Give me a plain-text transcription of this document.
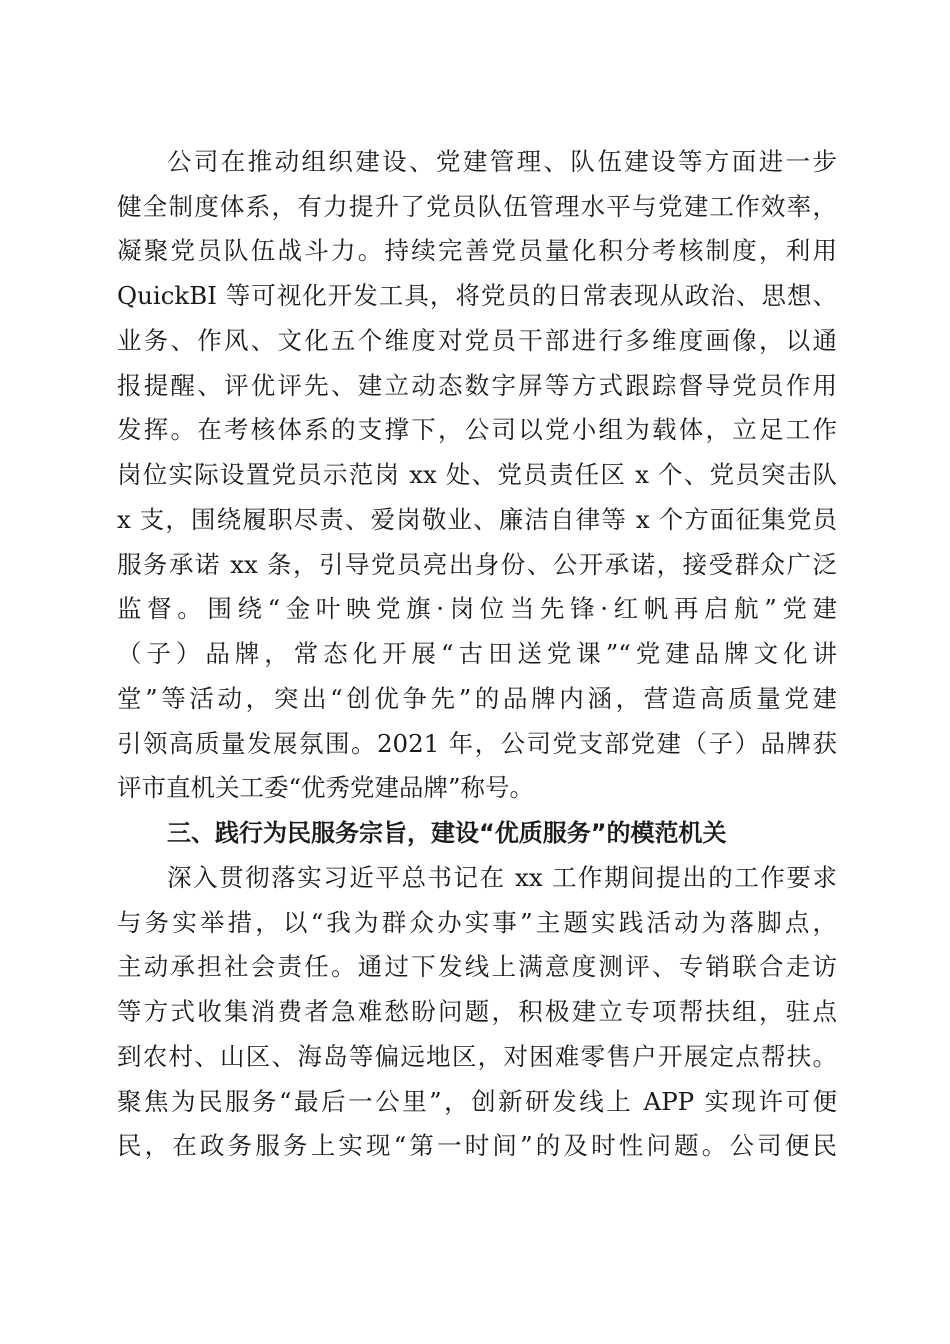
公司在推动组织建设、党建管理、队伍建设等方面进一步
健全制度体系，有力提升了党员队伍管理水平与党建工作效率，
凝聚党员队伍战斗力。持续完善党员量化积分考核制度，利用
QuickBI 等可视化开发工具，将党员的日常表现从政治、思想、
业务、作风、文化五个维度对党员干部进行多维度画像，以通
报提醒、评优评先、建立动态数字屏等方式跟踪督导党员作用
发挥。在考核体系的支撑下，公司以党小组为载体，立足工作
岗位实际设置党员示范岗 xx 处、党员责任区 x 个、党员突击队
x 支，围绕履职尽责、爱岗敬业、廉洁自律等 x 个方面征集党员
服务承诺 xx 条，引导党员亮出身份、公开承诺，接受群众广泛
监督。围绕“金叶映党旗·岗位当先锋·红帆再启航”党建
（子）品牌，常态化开展“古田送党课”“党建品牌文化讲
堂”等活动，突出“创优争先”的品牌内涵，营造高质量党建
引领高质量发展氛围。2021 年，公司党支部党建（子）品牌获
评市直机关工委“优秀党建品牌”称号。
三、践行为民服务宗旨，建设“优质服务”的模范机关
深入贯彻落实习近平总书记在 xx 工作期间提出的工作要求
与务实举措，以“我为群众办实事”主题实践活动为落脚点，
主动承担社会责任。通过下发线上满意度测评、专销联合走访
等方式收集消费者急难愁盼问题，积极建立专项帮扶组，驻点
到农村、山区、海岛等偏远地区，对困难零售户开展定点帮扶。
聚焦为民服务“最后一公里”，创新研发线上 APP 实现许可便
民，在政务服务上实现“第一时间”的及时性问题。公司便民
